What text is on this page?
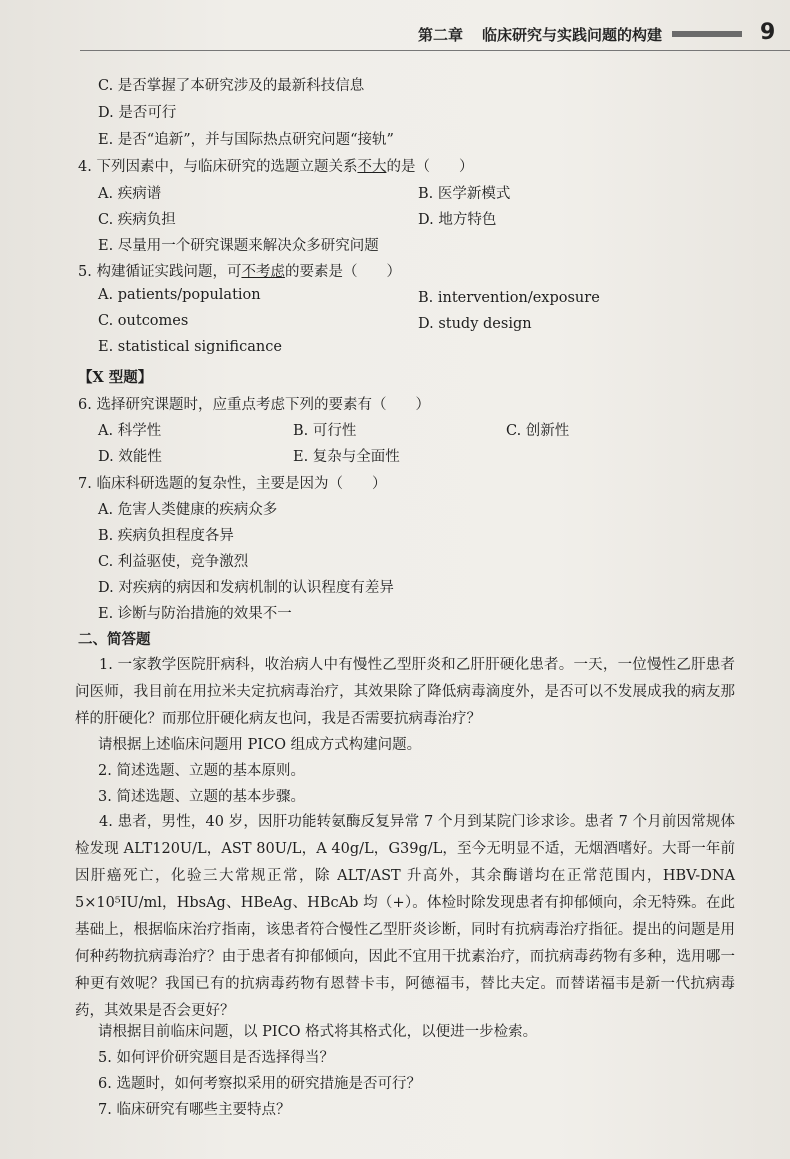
第二章 临床研究与实践问题的构建	9
C. 是否掌握了本研究涉及的最新科技信息
D. 是否可行
E. 是否“追新”，并与国际热点研究问题“接轨”
4. 下列因素中，与临床研究的选题立题关系不大的是（　　）
A. 疾病谱	B. 医学新模式
C. 疾病负担	D. 地方特色
E. 尽量用一个研究课题来解决众多研究问题
5. 构建循证实践问题，可不考虑的要素是（　　）
A. patients/population	B. intervention/exposure
C. outcomes	D. study design
E. statistical significance
【X 型题】
6. 选择研究课题时，应重点考虑下列的要素有（　　）
A. 科学性	B. 可行性	C. 创新性
D. 效能性	E. 复杂与全面性
7. 临床科研选题的复杂性，主要是因为（　　）
A. 危害人类健康的疾病众多
B. 疾病负担程度各异
C. 利益驱使，竞争激烈
D. 对疾病的病因和发病机制的认识程度有差异
E. 诊断与防治措施的效果不一
二、简答题
1. 一家教学医院肝病科，收治病人中有慢性乙型肝炎和乙肝肝硬化患者。一天，一位慢性乙肝患者问医师，我目前在用拉米夫定抗病毒治疗，其效果除了降低病毒滴度外，是否可以不发展成我的病友那样的肝硬化？而那位肝硬化病友也问，我是否需要抗病毒治疗？
请根据上述临床问题用 PICO 组成方式构建问题。
2. 简述选题、立题的基本原则。
3. 简述选题、立题的基本步骤。
4. 患者，男性，40 岁，因肝功能转氨酶反复异常 7 个月到某院门诊求诊。患者 7 个月前因常规体检发现 ALT120U/L，AST 80U/L，A 40g/L，G39g/L，至今无明显不适，无烟酒嗜好。大哥一年前因肝癌死亡，化验三大常规正常，除 ALT/AST 升高外，其余酶谱均在正常范围内，HBV-DNA 5×10⁵IU/ml，HbsAg、HBeAg、HBcAb 均（+）。体检时除发现患者有抑郁倾向，余无特殊。在此基础上，根据临床治疗指南，该患者符合慢性乙型肝炎诊断，同时有抗病毒治疗指征。提出的问题是用何种药物抗病毒治疗？由于患者有抑郁倾向，因此不宜用干扰素治疗，而抗病毒药物有多种，选用哪一种更有效呢？我国已有的抗病毒药物有恩替卡韦，阿德福韦，替比夫定。而替诺福韦是新一代抗病毒药，其效果是否会更好？
请根据目前临床问题，以 PICO 格式将其格式化，以便进一步检索。
5. 如何评价研究题目是否选择得当？
6. 选题时，如何考察拟采用的研究措施是否可行？
7. 临床研究有哪些主要特点？
